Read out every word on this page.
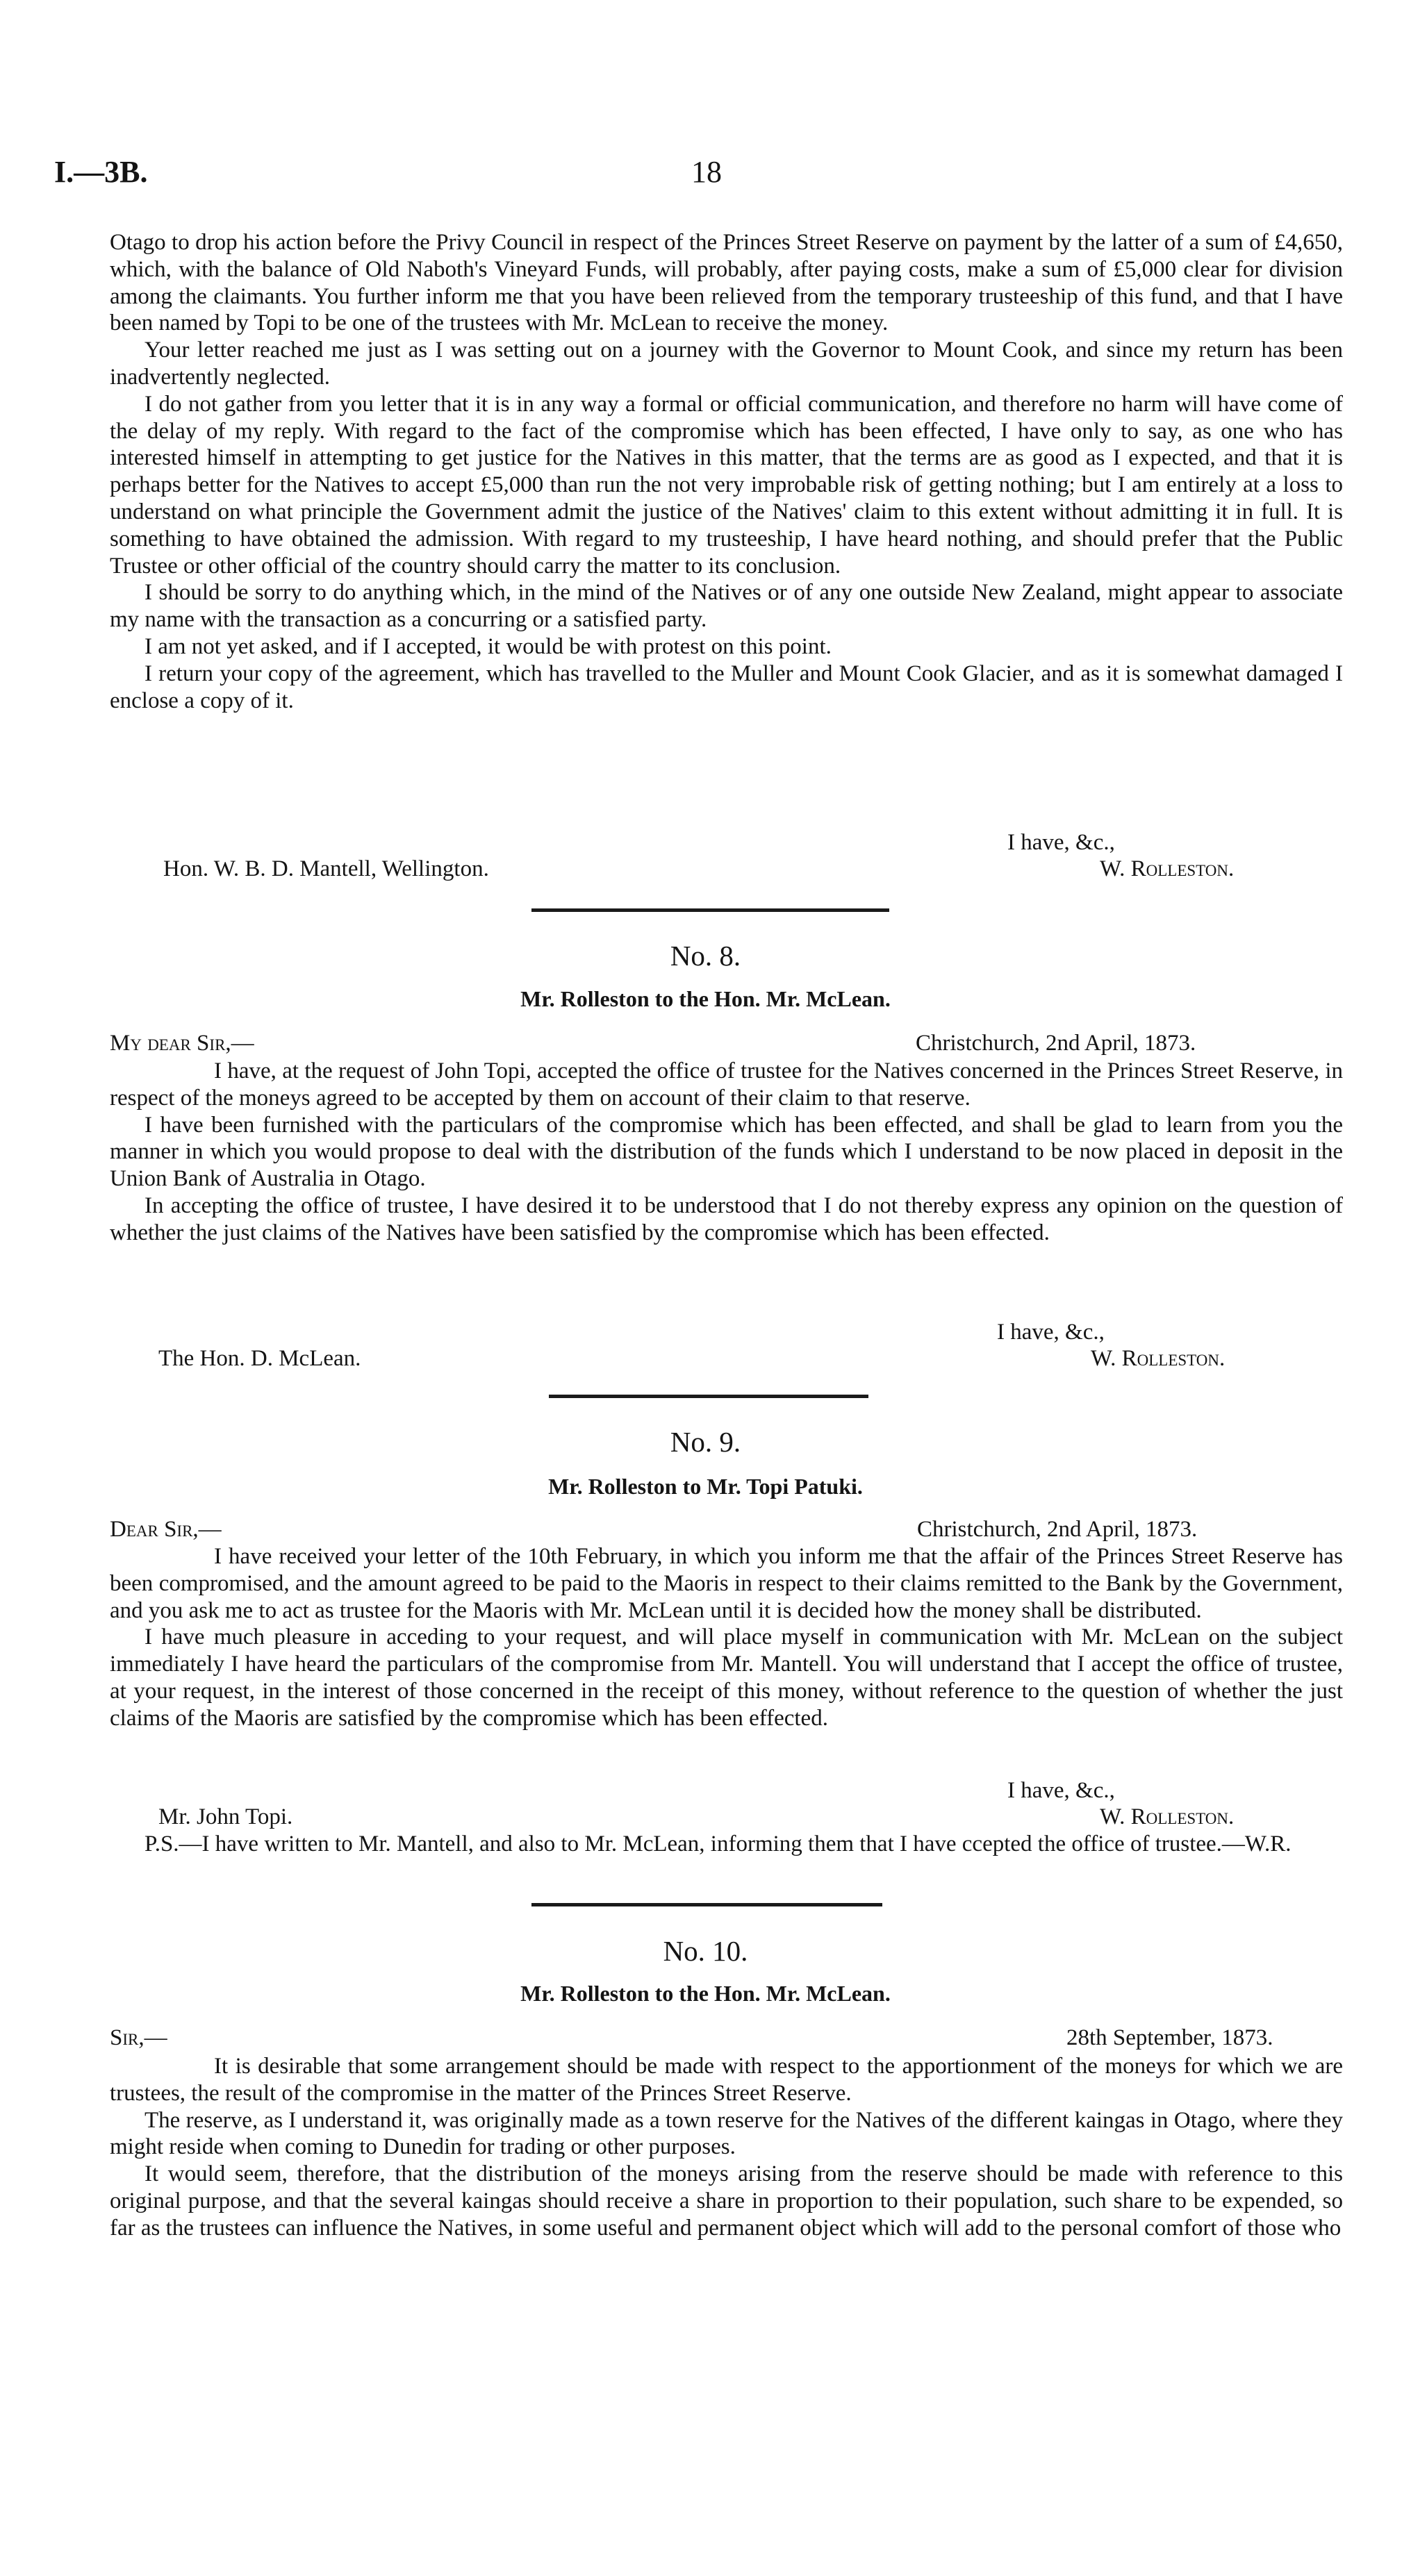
I.—3B.	18

Otago to drop his action before the Privy Council in respect of the Princes Street Reserve on payment by the latter of a sum of £4,650, which, with the balance of Old Naboth's Vineyard Funds, will probably, after paying costs, make a sum of £5,000 clear for division among the claimants. You further inform me that you have been relieved from the temporary trusteeship of this fund, and that I have been named by Topi to be one of the trustees with Mr. McLean to receive the money.

Your letter reached me just as I was setting out on a journey with the Governor to Mount Cook, and since my return has been inadvertently neglected.

I do not gather from you letter that it is in any way a formal or official communication, and therefore no harm will have come of the delay of my reply. With regard to the fact of the compromise which has been effected, I have only to say, as one who has interested himself in attempting to get justice for the Natives in this matter, that the terms are as good as I expected, and that it is perhaps better for the Natives to accept £5,000 than run the not very improbable risk of getting nothing; but I am entirely at a loss to understand on what principle the Government admit the justice of the Natives' claim to this extent without admitting it in full. It is something to have obtained the admission. With regard to my trusteeship, I have heard nothing, and should prefer that the Public Trustee or other official of the country should carry the matter to its conclusion.

I should be sorry to do anything which, in the mind of the Natives or of any one outside New Zealand, might appear to associate my name with the transaction as a concurring or a satisfied party.

I am not yet asked, and if I accepted, it would be with protest on this point.

I return your copy of the agreement, which has travelled to the Muller and Mount Cook Glacier, and as it is somewhat damaged I enclose a copy of it.

I have, &c.,
Hon. W. B. D. Mantell, Wellington.	W. Rolleston.
No. 8.
Mr. Rolleston to the Hon. Mr. McLean.
My dear Sir,—	Christchurch, 2nd April, 1873.

I have, at the request of John Topi, accepted the office of trustee for the Natives concerned in the Princes Street Reserve, in respect of the moneys agreed to be accepted by them on account of their claim to that reserve.

I have been furnished with the particulars of the compromise which has been effected, and shall be glad to learn from you the manner in which you would propose to deal with the distribution of the funds which I understand to be now placed in deposit in the Union Bank of Australia in Otago.

In accepting the office of trustee, I have desired it to be understood that I do not thereby express any opinion on the question of whether the just claims of the Natives have been satisfied by the compromise which has been effected.

I have, &c.,
The Hon. D. McLean.	W. Rolleston.
No. 9.
Mr. Rolleston to Mr. Topi Patuki.
Dear Sir,—	Christchurch, 2nd April, 1873.

I have received your letter of the 10th February, in which you inform me that the affair of the Princes Street Reserve has been compromised, and the amount agreed to be paid to the Maoris in respect to their claims remitted to the Bank by the Government, and you ask me to act as trustee for the Maoris with Mr. McLean until it is decided how the money shall be distributed.

I have much pleasure in acceding to your request, and will place myself in communication with Mr. McLean on the subject immediately I have heard the particulars of the compromise from Mr. Mantell. You will understand that I accept the office of trustee, at your request, in the interest of those concerned in the receipt of this money, without reference to the question of whether the just claims of the Maoris are satisfied by the compromise which has been effected.

I have, &c.,
Mr. John Topi.	W. Rolleston.

P.S.—I have written to Mr. Mantell, and also to Mr. McLean, informing them that I have ccepted the office of trustee.—W.R.

No. 10.
Mr. Rolleston to the Hon. Mr. McLean.
Sir,—	28th September, 1873.

It is desirable that some arrangement should be made with respect to the apportionment of the moneys for which we are trustees, the result of the compromise in the matter of the Princes Street Reserve.

The reserve, as I understand it, was originally made as a town reserve for the Natives of the different kaingas in Otago, where they might reside when coming to Dunedin for trading or other purposes.

It would seem, therefore, that the distribution of the moneys arising from the reserve should be made with reference to this original purpose, and that the several kaingas should receive a share in proportion to their population, such share to be expended, so far as the trustees can influence the Natives, in some useful and permanent object which will add to the personal comfort of those who
